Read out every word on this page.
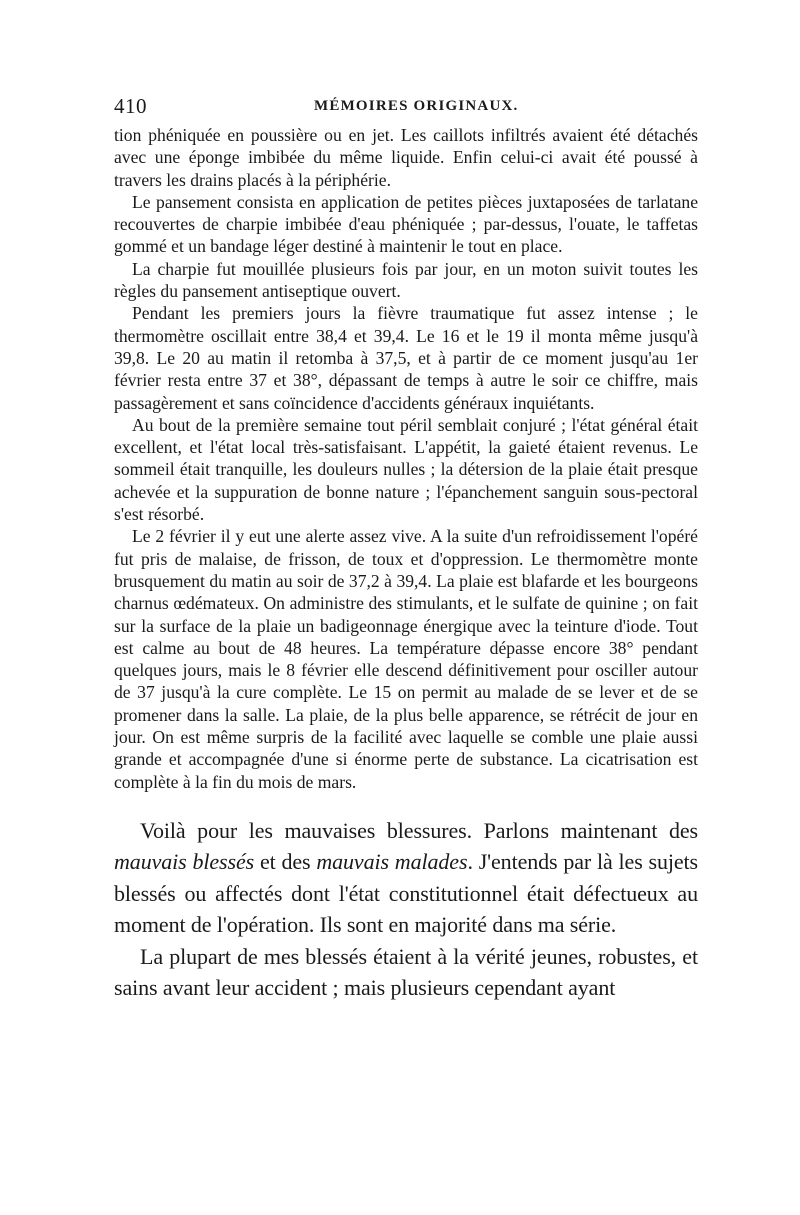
410	MÉMOIRES ORIGINAUX.

tion phéniquée en poussière ou en jet. Les caillots infiltrés avaient été détachés avec une éponge imbibée du même liquide. Enfin celui-ci avait été poussé à travers les drains placés à la périphérie.

Le pansement consista en application de petites pièces juxtaposées de tarlatane recouvertes de charpie imbibée d'eau phéniquée ; par-dessus, l'ouate, le taffetas gommé et un bandage léger destiné à maintenir le tout en place.

La charpie fut mouillée plusieurs fois par jour, en un moton suivit toutes les règles du pansement antiseptique ouvert.

Pendant les premiers jours la fièvre traumatique fut assez intense ; le thermomètre oscillait entre 38,4 et 39,4. Le 16 et le 19 il monta même jusqu'à 39,8. Le 20 au matin il retomba à 37,5, et à partir de ce moment jusqu'au 1er février resta entre 37 et 38°, dépassant de temps à autre le soir ce chiffre, mais passagèrement et sans coïncidence d'accidents généraux inquiétants.

Au bout de la première semaine tout péril semblait conjuré ; l'état général était excellent, et l'état local très-satisfaisant. L'appétit, la gaieté étaient revenus. Le sommeil était tranquille, les douleurs nulles ; la détersion de la plaie était presque achevée et la suppuration de bonne nature ; l'épanchement sanguin sous-pectoral s'est résorbé.

Le 2 février il y eut une alerte assez vive. A la suite d'un refroidissement l'opéré fut pris de malaise, de frisson, de toux et d'oppression. Le thermomètre monte brusquement du matin au soir de 37,2 à 39,4. La plaie est blafarde et les bourgeons charnus œdémateux. On administre des stimulants, et le sulfate de quinine ; on fait sur la surface de la plaie un badigeonnage énergique avec la teinture d'iode. Tout est calme au bout de 48 heures. La température dépasse encore 38° pendant quelques jours, mais le 8 février elle descend définitivement pour osciller autour de 37 jusqu'à la cure complète. Le 15 on permit au malade de se lever et de se promener dans la salle. La plaie, de la plus belle apparence, se rétrécit de jour en jour. On est même surpris de la facilité avec laquelle se comble une plaie aussi grande et accompagnée d'une si énorme perte de substance. La cicatrisation est complète à la fin du mois de mars.

Voilà pour les mauvaises blessures. Parlons maintenant des mauvais blessés et des mauvais malades. J'entends par là les sujets blessés ou affectés dont l'état constitutionnel était défectueux au moment de l'opération. Ils sont en majorité dans ma série.

La plupart de mes blessés étaient à la vérité jeunes, robustes, et sains avant leur accident ; mais plusieurs cependant ayant
